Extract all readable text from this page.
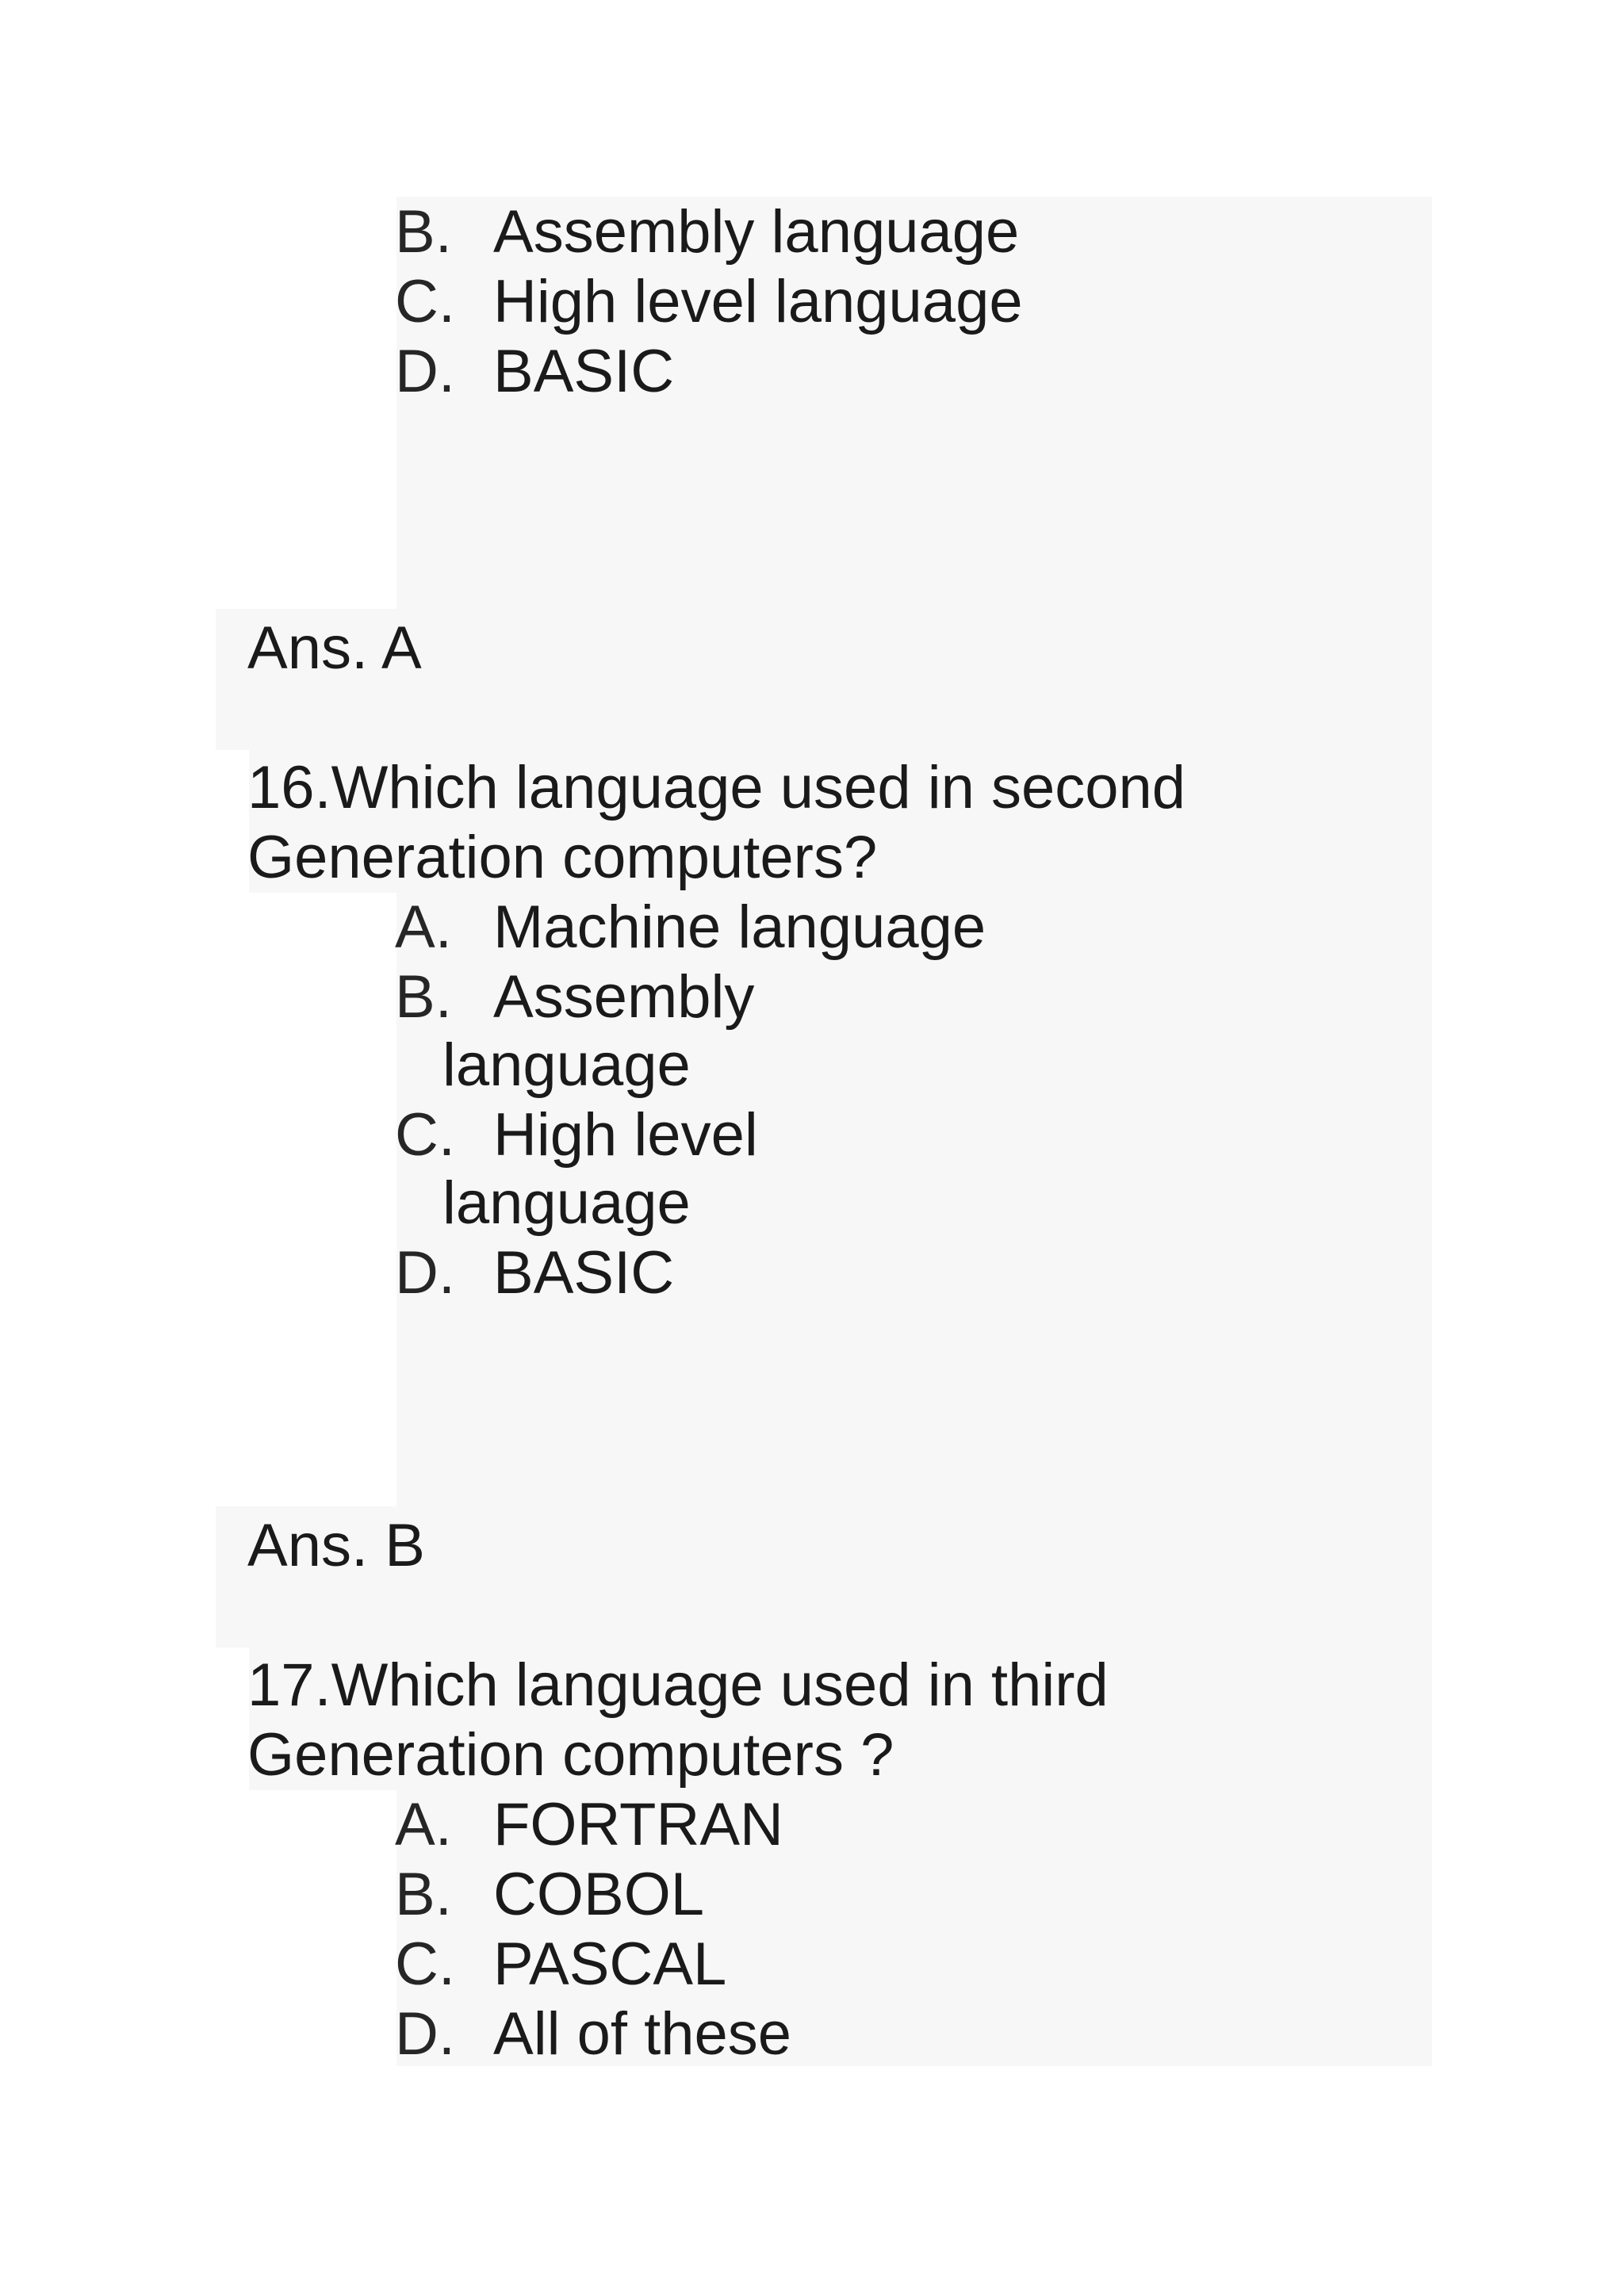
B. Assembly language
C. High level language
D. BASIC
Ans. A
16.Which language used in second
Generation computers?
A. Machine language
B. Assembly
language
C. High level
language
D. BASIC
Ans. B
17.Which language used in third
Generation computers ?
A. FORTRAN
B. COBOL
C. PASCAL
D. All of these
